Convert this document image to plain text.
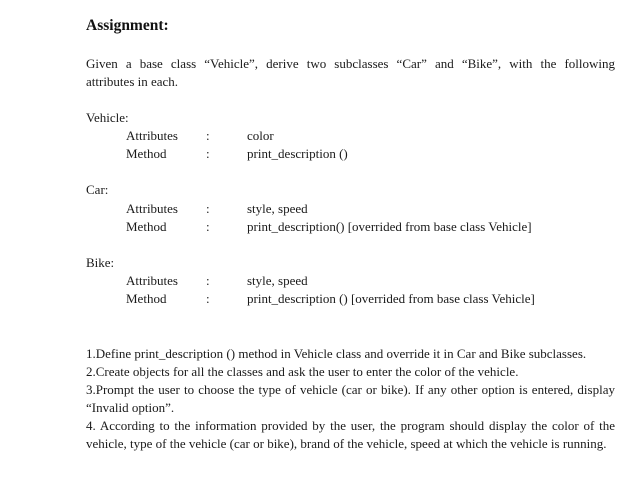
Assignment:
Given a base class “Vehicle”, derive two subclasses “Car” and “Bike”, with the following
attributes in each.
Vehicle:
Attributes :	color
Method	:	print_description ()
Car:
Attributes :	style, speed
Method	:	print_description() [overrided from base class Vehicle]
Bike:
Attributes :	style, speed
Method	:	print_description () [overrided from base class Vehicle]
1.Define print_description () method in Vehicle class and override it in Car and Bike subclasses.
2.Create objects for all the classes and ask the user to enter the color of the vehicle.
3.Prompt the user to choose the type of vehicle (car or bike). If any other option is entered, display “Invalid option”.
4. According to the information provided by the user, the program should display the color of the vehicle, type of the vehicle (car or bike), brand of the vehicle, speed at which the vehicle is running.
